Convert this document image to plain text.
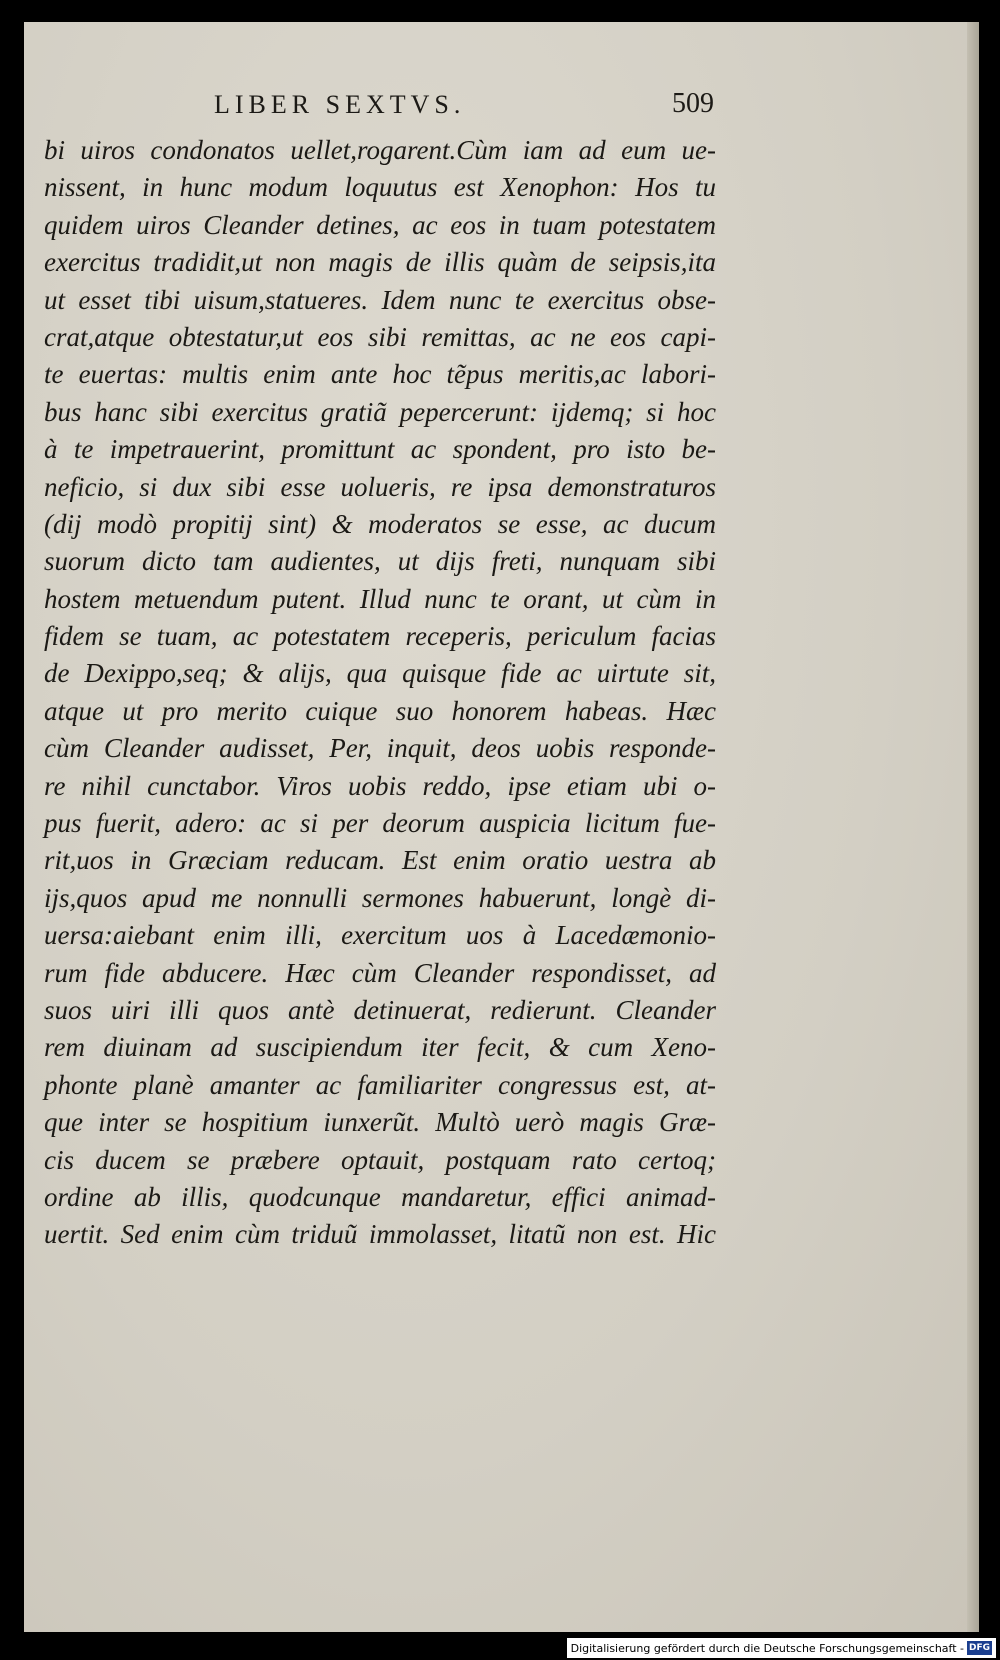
LIBER SEXTVS.	509
bi uiros condonatos uellet,rogarent.Cùm iam ad eum ue-
nissent, in hunc modum loquutus est Xenophon: Hos tu
quidem uiros Cleander detines, ac eos in tuam potestatem
exercitus tradidit,ut non magis de illis quàm de seipsis,ita
ut esset tibi uisum,statueres. Idem nunc te exercitus obse-
crat,atque obtestatur,ut eos sibi remittas, ac ne eos capi-
te euertas: multis enim ante hoc tẽpus meritis,ac labori-
bus hanc sibi exercitus gratiã pepercerunt: ijdemq; si hoc
à te impetrauerint, promittunt ac spondent, pro isto be-
neficio, si dux sibi esse uolueris, re ipsa demonstraturos
(dij modò propitij sint) & moderatos se esse, ac ducum
suorum dicto tam audientes, ut dijs freti, nunquam sibi
hostem metuendum putent. Illud nunc te orant, ut cùm in
fidem se tuam, ac potestatem receperis, periculum facias
de Dexippo,seq; & alijs, qua quisque fide ac uirtute sit,
atque ut pro merito cuique suo honorem habeas. Hæc
cùm Cleander audisset, Per, inquit, deos uobis responde-
re nihil cunctabor. Viros uobis reddo, ipse etiam ubi o-
pus fuerit, adero: ac si per deorum auspicia licitum fue-
rit,uos in Græciam reducam. Est enim oratio uestra ab
ijs,quos apud me nonnulli sermones habuerunt, longè di-
uersa:aiebant enim illi, exercitum uos à Lacedæmonio-
rum fide abducere. Hæc cùm Cleander respondisset, ad
suos uiri illi quos antè detinuerat, redierunt. Cleander
rem diuinam ad suscipiendum iter fecit, & cum Xeno-
phonte planè amanter ac familiariter congressus est, at-
que inter se hospitium iunxerũt. Multò uerò magis Græ-
cis ducem se præbere optauit, postquam rato certoq;
ordine ab illis, quodcunque mandaretur, effici animad-
uertit. Sed enim cùm triduũ immolasset, litatũ non est. Hic
Digitalisierung gefördert durch die Deutsche Forschungsgemeinschaft - DFG
